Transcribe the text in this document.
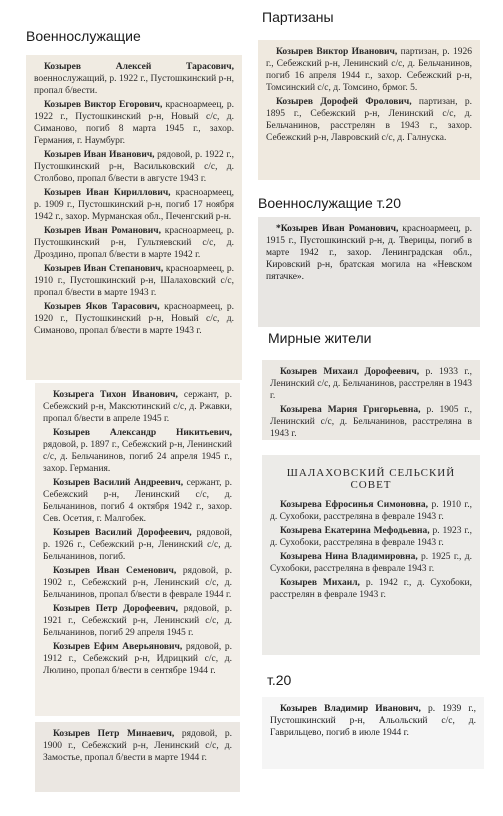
Военнослужащие
Партизаны
Военнослужащие т.20
Мирные жители
т.20
Козырев Алексей Тарасович, военнослужащий, р. 1922 г., Пустошкинский р-н, пропал б/вести.
Козырев Виктор Егорович, красноармеец, р. 1922 г., Пустошкинский р-н, Новый с/с, д. Симаново, погиб 8 марта 1945 г., захор. Германия, г. Наумбург.
Козырев Иван Иванович, рядовой, р. 1922 г., Пустошкинский р-н, Васильковский с/с, д. Столбово, пропал б/вести в августе 1943 г.
Козырев Иван Кириллович, красноармеец, р. 1909 г., Пустошкинский р-н, погиб 17 ноября 1942 г., захор. Мурманская обл., Печенгский р-н.
Козырев Иван Романович, красноармеец, р. Пустошкинский р-н, Гультяевский с/с, д. Дроздино, пропал б/вести в марте 1942 г.
Козырев Иван Степанович, красноармеец, р. 1910 г., Пустошкинский р-н, Шалаховский с/с, пропал б/вести в марте 1943 г.
Козырев Яков Тарасович, красноармеец, р. 1920 г., Пустошкинский р-н, Новый с/с, д. Симаново, пропал б/вести в марте 1943 г.
Козырев Виктор Иванович, партизан, р. 1926 г., Себежский р-н, Ленинский с/с, д. Бельчанинов, погиб 16 апреля 1944 г., захор. Себежский р-н, Томсинский с/с, д. Томсино, брмог. 5.
Козырев Дорофей Фролович, партизан, р. 1895 г., Себежский р-н, Ленинский с/с, д. Бельчанинов, расстрелян в 1943 г., захор. Себежский р-н, Лавровский с/с, д. Галнуска.
*Козырев Иван Романович, красноармеец, р. 1915 г., Пустошкинский р-н, д. Тверицы, погиб в марте 1942 г., захор. Ленинградская обл., Кировский р-н, братская могила на «Невском пятачке».
Козырев Михаил Дорофеевич, р. 1933 г., Ленинский с/с, д. Бельчанинов, расстрелян в 1943 г.
Козырева Мария Григорьевна, р. 1905 г., Ленинский с/с, д. Бельчанинов, расстреляна в 1943 г.
ШАЛАХОВСКИЙ СЕЛЬСКИЙ СОВЕТ
Козырева Ефросинья Симоновна, р. 1910 г., д. Сухобоки, расстреляна в феврале 1943 г.
Козырева Екатерина Мефодьевна, р. 1923 г., д. Сухобоки, расстреляна в феврале 1943 г.
Козырева Нина Владимировна, р. 1925 г., д. Сухобоки, расстреляна в феврале 1943 г.
Козырев Михаил, р. 1942 г., д. Сухобоки, расстрелян в феврале 1943 г.
Козырега Тихон Иванович, сержант, р. Себежский р-н, Максютинский с/с, д. Ржавки, пропал б/вести в апреле 1945 г.
Козырев Александр Никитьевич, рядовой, р. 1897 г., Себежский р-н, Ленинский с/с, д. Бельчанинов, погиб 24 апреля 1945 г., захор. Германия.
Козырев Василий Андреевич, сержант, р. Себежский р-н, Ленинский с/с, д. Бельчанинов, погиб 4 октября 1942 г., захор. Сев. Осетия, г. Малгобек.
Козырев Василий Дорофеевич, рядовой, р. 1926 г., Себежский р-н, Ленинский с/с, д. Бельчанинов, погиб.
Козырев Иван Семенович, рядовой, р. 1902 г., Себежский р-н, Ленинский с/с, д. Бельчанинов, пропал б/вести в феврале 1944 г.
Козырев Петр Дорофеевич, рядовой, р. 1921 г., Себежский р-н, Ленинский с/с, д. Бельчанинов, погиб 29 апреля 1945 г.
Козырев Ефим Аверьянович, рядовой, р. 1912 г., Себежский р-н, Идрицкий с/с, д. Люлино, пропал б/вести в сентябре 1944 г.
Козырев Петр Минаевич, рядовой, р. 1900 г., Себежский р-н, Ленинский с/с, д. Замостье, пропал б/вести в марте 1944 г.
Козырев Владимир Иванович, р. 1939 г., Пустошкинский р-н, Альольский с/с, д. Гаврильцево, погиб в июле 1944 г.
